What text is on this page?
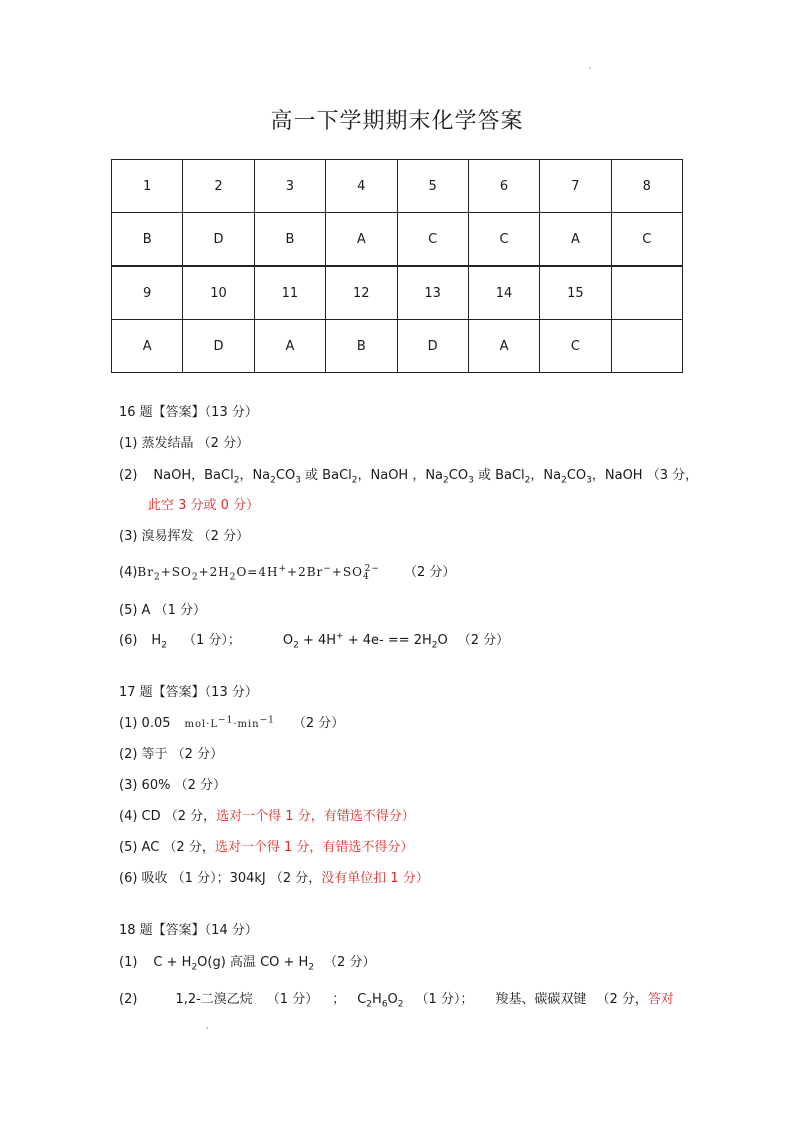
高一下学期期末化学答案
1	2	3	4	5	6	7	8
B	D	B	A	C	C	A	C
9	10	11	12	13	14	15	
A	D	A	B	D	A	C	
16 题【答案】（13 分）
(1) 蒸发结晶 （2 分）
(2) NaOH，BaCl$_2$，$Na_2CO_3$ 或 BaCl$_2$，NaOH ，$Na_2CO_3$ 或 BaCl$_2$，$Na_2CO_3$，NaOH （3 分，
此空 3 分或 0 分）
(3) 溴易挥发 （2 分）
$(4)Br_2+SO_2+2H_2O=4H^++2Br^-+SO_4^{2-}$ （2 分）
(5) A （1 分）
(6) $H_2$ （1 分）；	$O_2 + 4H^+ + 4e- == 2H_2O$ （2 分）
17 题【答案】（13 分）
(1) 0.05 $mol\cdot L^{-1}\cdot\min^{-1}$ （2 分）
(2) 等于 （2 分）
(3) 60% （2 分）
(4) CD （2 分，选对一个得 1 分，有错选不得分）
(5) AC （2 分，选对一个得 1 分，有错选不得分）
(6) 吸收 （1 分）；304kJ （2 分，没有单位扣 1 分）
18 题【答案】（14 分）
(1) $C + H_2O(g)$ 高温 CO + $H_2$ （2 分）
(2)	1,2-二溴乙烷 （1 分） ； $C_2H_6O_2$ （1 分）； 羧基、碳碳双键 （2 分，答对
